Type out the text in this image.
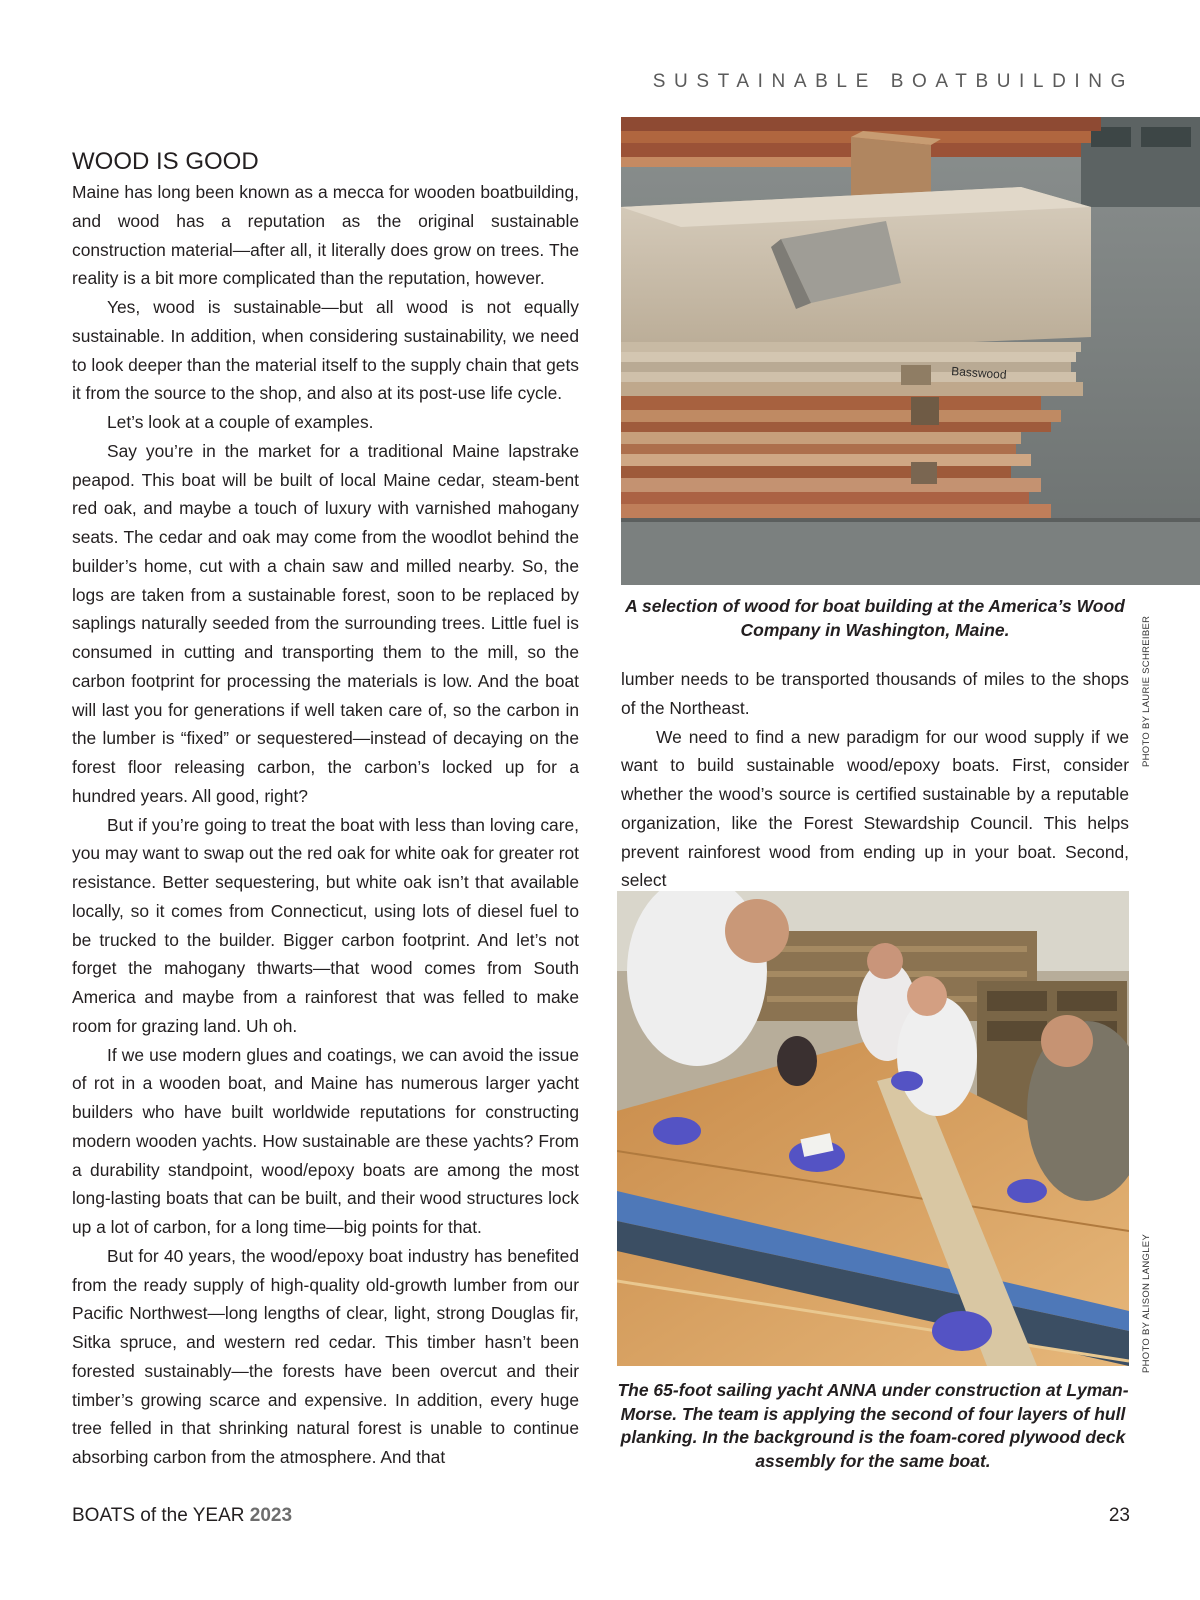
SUSTAINABLE BOATBUILDING
WOOD IS GOOD

Maine has long been known as a mecca for wooden boatbuilding, and wood has a reputation as the original sustainable construction material—after all, it literally does grow on trees. The reality is a bit more complicated than the reputation, however.

Yes, wood is sustainable—but all wood is not equally sustainable. In addition, when considering sustainability, we need to look deeper than the material itself to the supply chain that gets it from the source to the shop, and also at its post-use life cycle.

Let’s look at a couple of examples.

Say you’re in the market for a traditional Maine lapstrake peapod. This boat will be built of local Maine cedar, steam-bent red oak, and maybe a touch of luxury with varnished mahogany seats. The cedar and oak may come from the woodlot behind the builder’s home, cut with a chain saw and milled nearby. So, the logs are taken from a sustainable forest, soon to be replaced by saplings naturally seeded from the surrounding trees. Little fuel is consumed in cutting and transporting them to the mill, so the carbon footprint for processing the materials is low. And the boat will last you for generations if well taken care of, so the carbon in the lumber is “fixed” or sequestered—instead of decaying on the forest floor releasing carbon, the carbon’s locked up for a hundred years. All good, right?

But if you’re going to treat the boat with less than loving care, you may want to swap out the red oak for white oak for greater rot resistance. Better sequestering, but white oak isn’t that available locally, so it comes from Connecticut, using lots of diesel fuel to be trucked to the builder. Bigger carbon footprint. And let’s not forget the mahogany thwarts—that wood comes from South America and maybe from a rainforest that was felled to make room for grazing land. Uh oh.

If we use modern glues and coatings, we can avoid the issue of rot in a wooden boat, and Maine has numerous larger yacht builders who have built worldwide reputations for constructing modern wooden yachts. How sustainable are these yachts? From a durability standpoint, wood/epoxy boats are among the most long-lasting boats that can be built, and their wood structures lock up a lot of carbon, for a long time—big points for that.

But for 40 years, the wood/epoxy boat industry has benefited from the ready supply of high-quality old-growth lumber from our Pacific Northwest—long lengths of clear, light, strong Douglas fir, Sitka spruce, and western red cedar. This timber hasn’t been forested sustainably—the forests have been overcut and their timber’s growing scarce and expensive. In addition, every huge tree felled in that shrinking natural forest is unable to continue absorbing carbon from the atmosphere. And that

Basswood
A selection of wood for boat building at the America’s Wood Company in Washington, Maine.	PHOTO BY LAURIE SCHREIBER

lumber needs to be transported thousands of miles to the shops of the Northeast.

We need to find a new paradigm for our wood supply if we want to build sustainable wood/epoxy boats. First, consider whether the wood’s source is certified sustainable by a reputable organization, like the Forest Stewardship Council. This helps prevent rainforest wood from ending up in your boat. Second, select

The 65-foot sailing yacht ANNA under construction at Lyman-Morse. The team is applying the second of four layers of hull planking. In the background is the foam-cored plywood deck assembly for the same boat.
PHOTO BY ALISON LANGLEY
BOATS of the YEAR 2023	23
